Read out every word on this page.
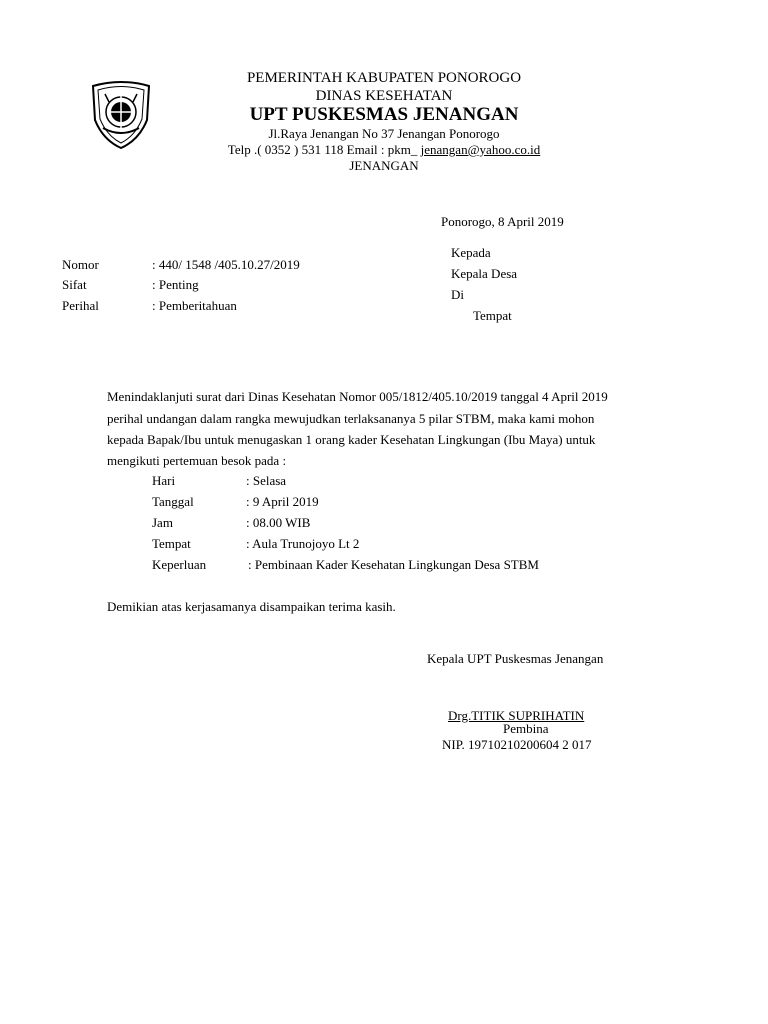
PEMERINTAH KABUPATEN PONOROGO
DINAS KESEHATAN
UPT PUSKESMAS JENANGAN
Jl.Raya Jenangan No 37 Jenangan Ponorogo
Telp .( 0352 ) 531 118 Email : pkm_ jenangan@yahoo.co.id
JENANGAN
Ponorogo, 8 April 2019
Nomor	: 440/ 1548 /405.10.27/2019
Sifat	: Penting
Perihal	: Pemberitahuan
Kepada
Kepala Desa
Di
Tempat
Menindaklanjuti surat dari Dinas Kesehatan Nomor 005/1812/405.10/2019 tanggal 4 April 2019
perihal undangan dalam rangka mewujudkan terlaksananya 5 pilar STBM, maka kami mohon
kepada Bapak/Ibu untuk menugaskan 1 orang kader Kesehatan Lingkungan (Ibu Maya) untuk
mengikuti pertemuan besok pada :
Hari	: Selasa
Tanggal	: 9 April 2019
Jam	: 08.00 WIB
Tempat	: Aula Trunojoyo Lt 2
Keperluan	: Pembinaan Kader Kesehatan Lingkungan Desa STBM
Demikian atas kerjasamanya disampaikan terima kasih.
Kepala UPT Puskesmas Jenangan
Drg.TITIK SUPRIHATIN
Pembina
NIP. 19710210200604 2 017
